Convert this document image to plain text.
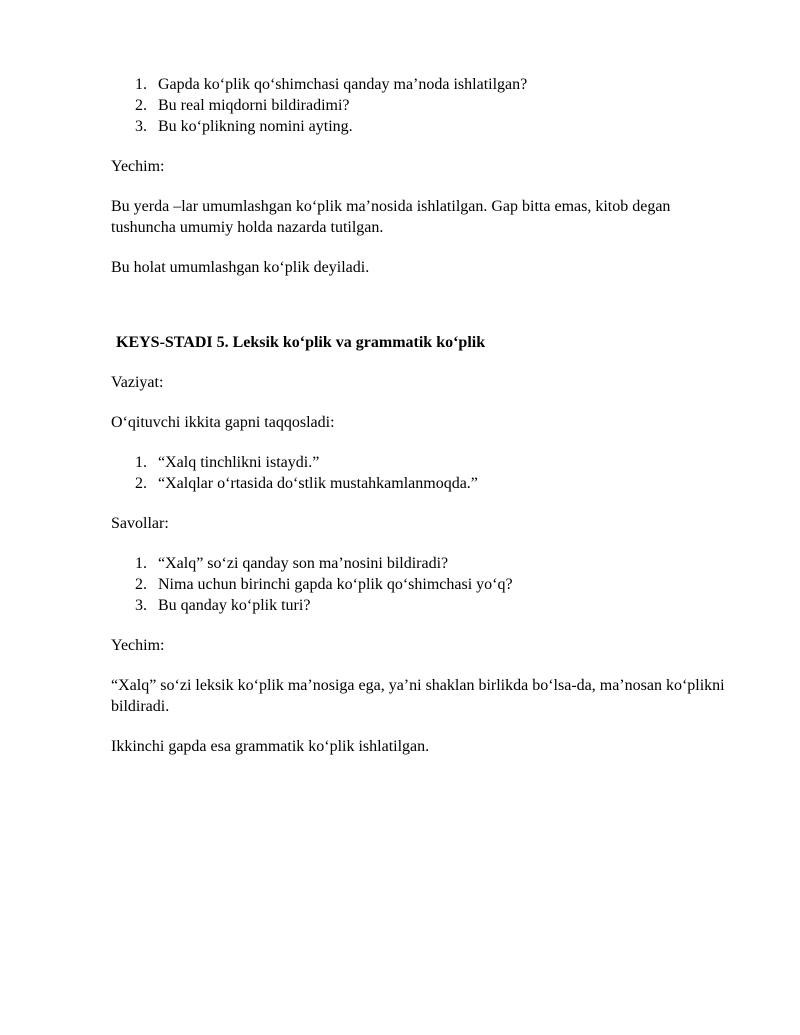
1. Gapda ko‘plik qo‘shimchasi qanday ma’noda ishlatilgan?
2. Bu real miqdorni bildiradimi?
3. Bu ko‘plikning nomini ayting.

Yechim:

Bu yerda –lar umumlashgan ko‘plik ma’nosida ishlatilgan. Gap bitta emas, kitob degan tushuncha umumiy holda nazarda tutilgan.

Bu holat umumlashgan ko‘plik deyiladi.

KEYS-STADI 5. Leksik ko‘plik va grammatik ko‘plik

Vaziyat:

O‘qituvchi ikkita gapni taqqosladi:

1. “Xalq tinchlikni istaydi.”
2. “Xalqlar o‘rtasida do‘stlik mustahkamlanmoqda.”

Savollar:

1. “Xalq” so‘zi qanday son ma’nosini bildiradi?
2. Nima uchun birinchi gapda ko‘plik qo‘shimchasi yo‘q?
3. Bu qanday ko‘plik turi?

Yechim:

“Xalq” so‘zi leksik ko‘plik ma’nosiga ega, ya’ni shaklan birlikda bo‘lsa-da, ma’nosan ko‘plikni bildiradi.

Ikkinchi gapda esa grammatik ko‘plik ishlatilgan.
